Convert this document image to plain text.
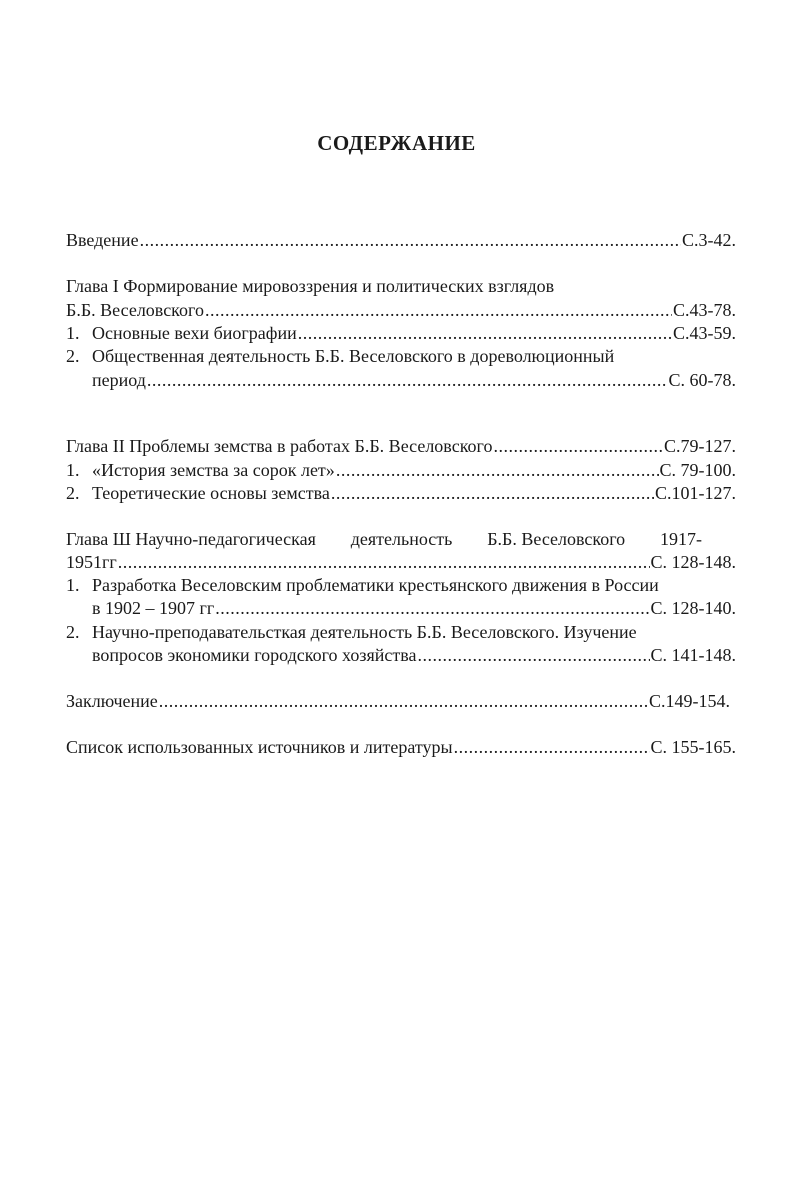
СОДЕРЖАНИЕ
Введение .....	С.3-42.
Глава I Формирование мировоззрения и политических взглядов
Б.Б. Веселовского .....	С.43-78.
1. Основные вехи биографии .....	С.43-59.
2. Общественная деятельность Б.Б. Веселовского в дореволюционный
период .....	С. 60-78.
Глава II Проблемы земства в работах Б.Б. Веселовского .....	С.79-127.
1. «История земства за сорок лет» .....	С. 79-100.
2. Теоретические основы земства .....	С.101-127.
Глава Ш Научно-педагогическая деятельность Б.Б. Веселовского 1917-
1951гг .....	С. 128-148.
1. Разработка Веселовским проблематики крестьянского движения в России
в 1902 – 1907 гг .....	С. 128-140.
2. Научно-преподавательсткая деятельность Б.Б. Веселовского. Изучение
вопросов экономики городского хозяйства .....	С. 141-148.
Заключение .....	С.149-154.
Список использованных источников и литературы .....	С. 155-165.
